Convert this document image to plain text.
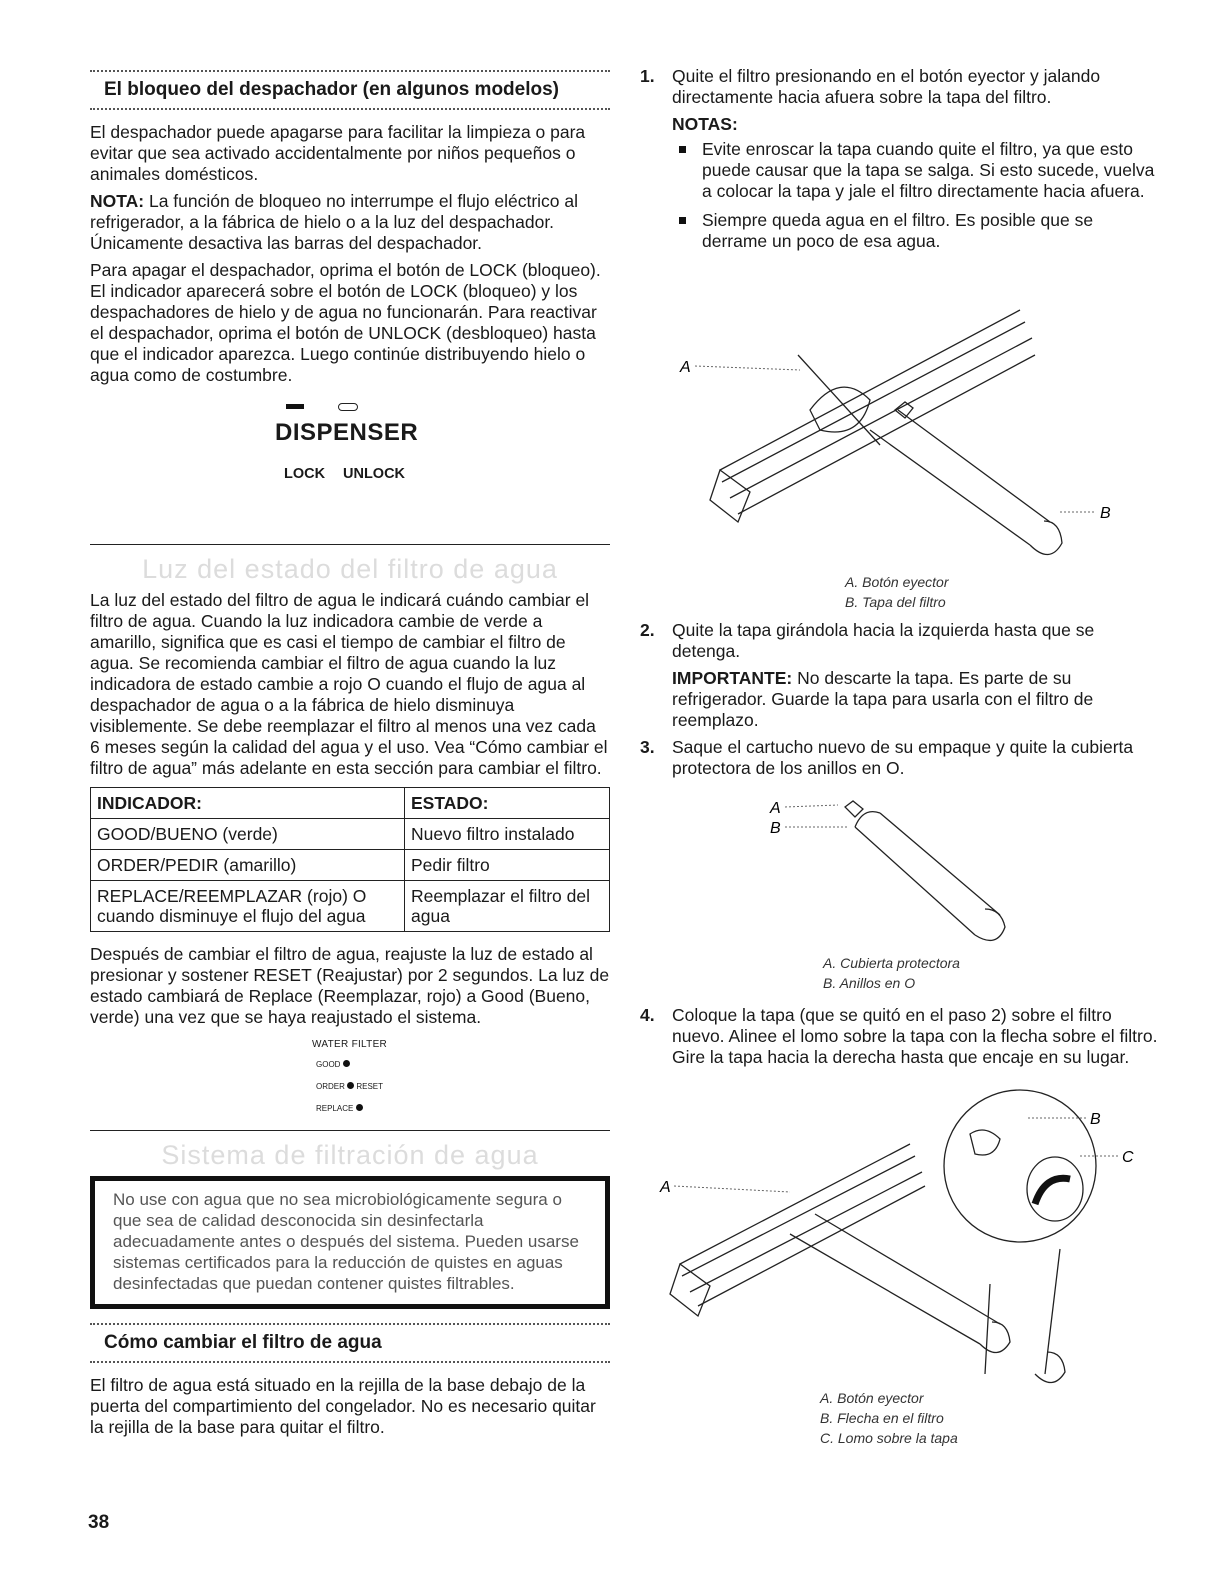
El bloqueo del despachador (en algunos modelos)

El despachador puede apagarse para facilitar la limpieza o para evitar que sea activado accidentalmente por niños pequeños o animales domésticos.

NOTA: La función de bloqueo no interrumpe el flujo eléctrico al refrigerador, a la fábrica de hielo o a la luz del despachador. Únicamente desactiva las barras del despachador.

Para apagar el despachador, oprima el botón de LOCK (bloqueo). El indicador aparecerá sobre el botón de LOCK (bloqueo) y los despachadores de hielo y de agua no funcionarán. Para reactivar el despachador, oprima el botón de UNLOCK (desbloqueo) hasta que el indicador aparezca. Luego continúe distribuyendo hielo o agua como de costumbre.

DISPENSER
LOCK UNLOCK
Luz del estado del filtro de agua

La luz del estado del filtro de agua le indicará cuándo cambiar el filtro de agua. Cuando la luz indicadora cambie de verde a amarillo, significa que es casi el tiempo de cambiar el filtro de agua. Se recomienda cambiar el filtro de agua cuando la luz indicadora de estado cambie a rojo O cuando el flujo de agua al despachador de agua o a la fábrica de hielo disminuya visiblemente. Se debe reemplazar el filtro al menos una vez cada 6 meses según la calidad del agua y el uso. Vea “Cómo cambiar el filtro de agua” más adelante en esta sección para cambiar el filtro.

INDICADOR:	ESTADO:
GOOD/BUENO (verde)	Nuevo filtro instalado
ORDER/PEDIR (amarillo)	Pedir filtro
REPLACE/REEMPLAZAR (rojo) O cuando disminuye el flujo del agua	Reemplazar el filtro del agua

Después de cambiar el filtro de agua, reajuste la luz de estado al presionar y sostener RESET (Reajustar) por 2 segundos. La luz de estado cambiará de Replace (Reemplazar, rojo) a Good (Bueno, verde) una vez que se haya reajustado el sistema.

WATER FILTER
GOOD
ORDER RESET
REPLACE
Sistema de filtración de agua
No use con agua que no sea microbiológicamente segura o que sea de calidad desconocida sin desinfectarla adecuadamente antes o después del sistema. Pueden usarse sistemas certificados para la reducción de quistes en aguas desinfectadas que puedan contener quistes filtrables.
Cómo cambiar el filtro de agua

El filtro de agua está situado en la rejilla de la base debajo de la puerta del compartimiento del congelador. No es necesario quitar la rejilla de la base para quitar el filtro.

1. Quite el filtro presionando en el botón eyector y jalando directamente hacia afuera sobre la tapa del filtro.

NOTAS:
Evite enroscar la tapa cuando quite el filtro, ya que esto puede causar que la tapa se salga. Si esto sucede, vuelva a colocar la tapa y jale el filtro directamente hacia afuera.
Siempre queda agua en el filtro. Es posible que se derrame un poco de esa agua.
A
B
A. Botón eyector
B. Tapa del filtro
2. Quite la tapa girándola hacia la izquierda hasta que se detenga.

IMPORTANTE: No descarte la tapa. Es parte de su refrigerador. Guarde la tapa para usarla con el filtro de reemplazo.

3. Saque el cartucho nuevo de su empaque y quite la cubierta protectora de los anillos en O.

A
B
A. Cubierta protectora
B. Anillos en O
4. Coloque la tapa (que se quitó en el paso 2) sobre el filtro nuevo. Alinee el lomo sobre la tapa con la flecha sobre el filtro. Gire la tapa hacia la derecha hasta que encaje en su lugar.

A
B
C
A. Botón eyector
B. Flecha en el filtro
C. Lomo sobre la tapa
38
